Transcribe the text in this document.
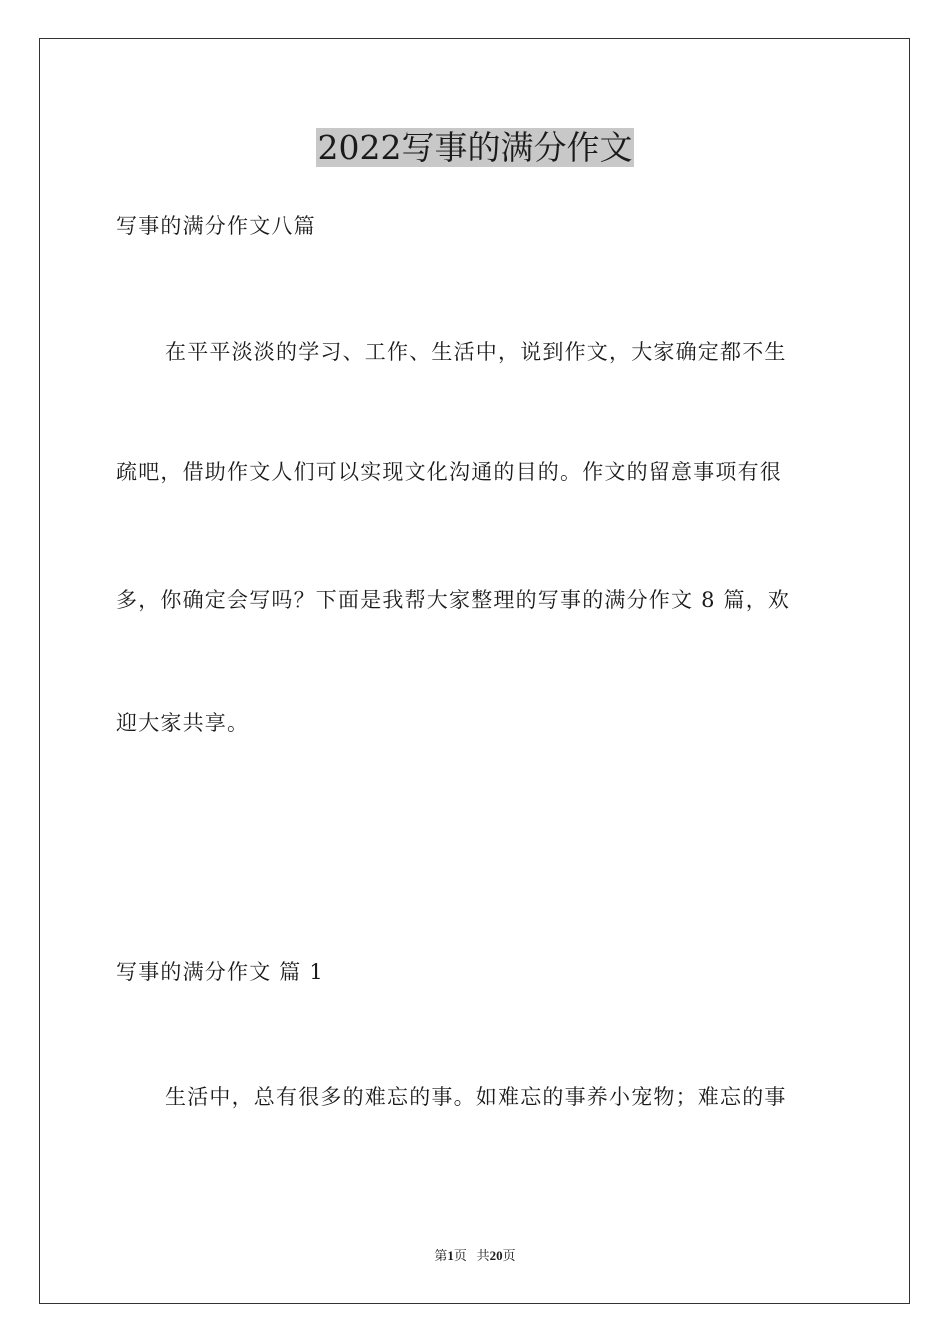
2022写事的满分作文
写事的满分作文八篇
在平平淡淡的学习、工作、生活中，说到作文，大家确定都不生
疏吧，借助作文人们可以实现文化沟通的目的。作文的留意事项有很
多，你确定会写吗？下面是我帮大家整理的写事的满分作文 8 篇，欢
迎大家共享。
写事的满分作文 篇 1
生活中，总有很多的难忘的事。如难忘的事养小宠物；难忘的事
第1页 共20页
